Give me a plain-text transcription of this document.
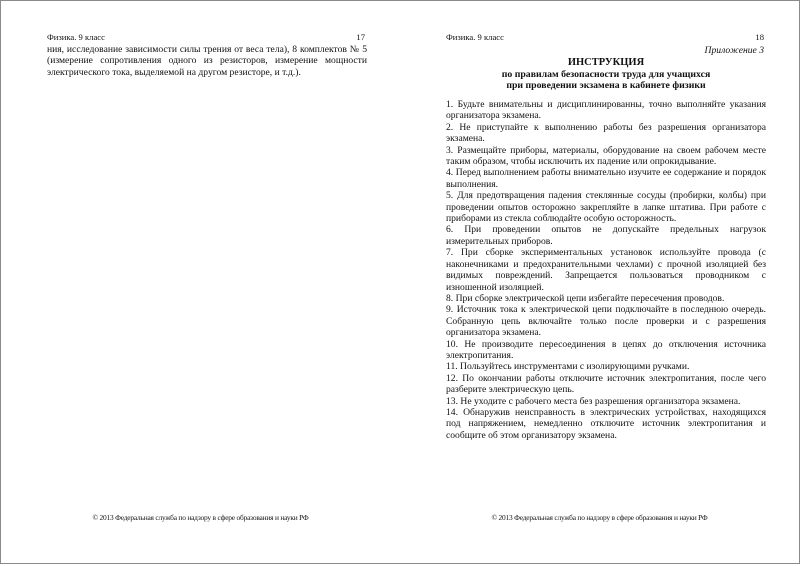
Физика. 9 класс	17

ния, исследование зависимости силы трения от веса тела), 8 комплектов № 5 (измерение сопротивления одного из резисторов, измерение мощности электрического тока, выделяемой на другом резисторе, и т.д.).

© 2013 Федеральная служба по надзору в сфере образования и науки РФ
Физика. 9 класс	18
Приложение 3
ИНСТРУКЦИЯ
по правилам безопасности труда для учащихся
при проведении экзамена в кабинете физики

1. Будьте внимательны и дисциплинированны, точно выполняйте указания организатора экзамена.

2. Не приступайте к выполнению работы без разрешения организатора экзамена.

3. Размещайте приборы, материалы, оборудование на своем рабочем месте таким образом, чтобы исключить их падение или опрокидывание.

4. Перед выполнением работы внимательно изучите ее содержание и порядок выполнения.

5. Для предотвращения падения стеклянные сосуды (пробирки, колбы) при проведении опытов осторожно закрепляйте в лапке штатива. При работе с приборами из стекла соблюдайте особую осторожность.

6. При проведении опытов не допускайте предельных нагрузок измерительных приборов.

7. При сборке экспериментальных установок используйте провода (с наконечниками и предохранительными чехлами) с прочной изоляцией без видимых повреждений. Запрещается пользоваться проводником с изношенной изоляцией.

8. При сборке электрической цепи избегайте пересечения проводов.

9. Источник тока к электрической цепи подключайте в последнюю очередь. Собранную цепь включайте только после проверки и с разрешения организатора экзамена.

10. Не производите пересоединения в цепях до отключения источника электропитания.

11. Пользуйтесь инструментами с изолирующими ручками.

12. По окончании работы отключите источник электропитания, после чего разберите электрическую цепь.

13. Не уходите с рабочего места без разрешения организатора экзамена.

14. Обнаружив неисправность в электрических устройствах, находящихся под напряжением, немедленно отключите источник электропитания и сообщите об этом организатору экзамена.

© 2013 Федеральная служба по надзору в сфере образования и науки РФ
